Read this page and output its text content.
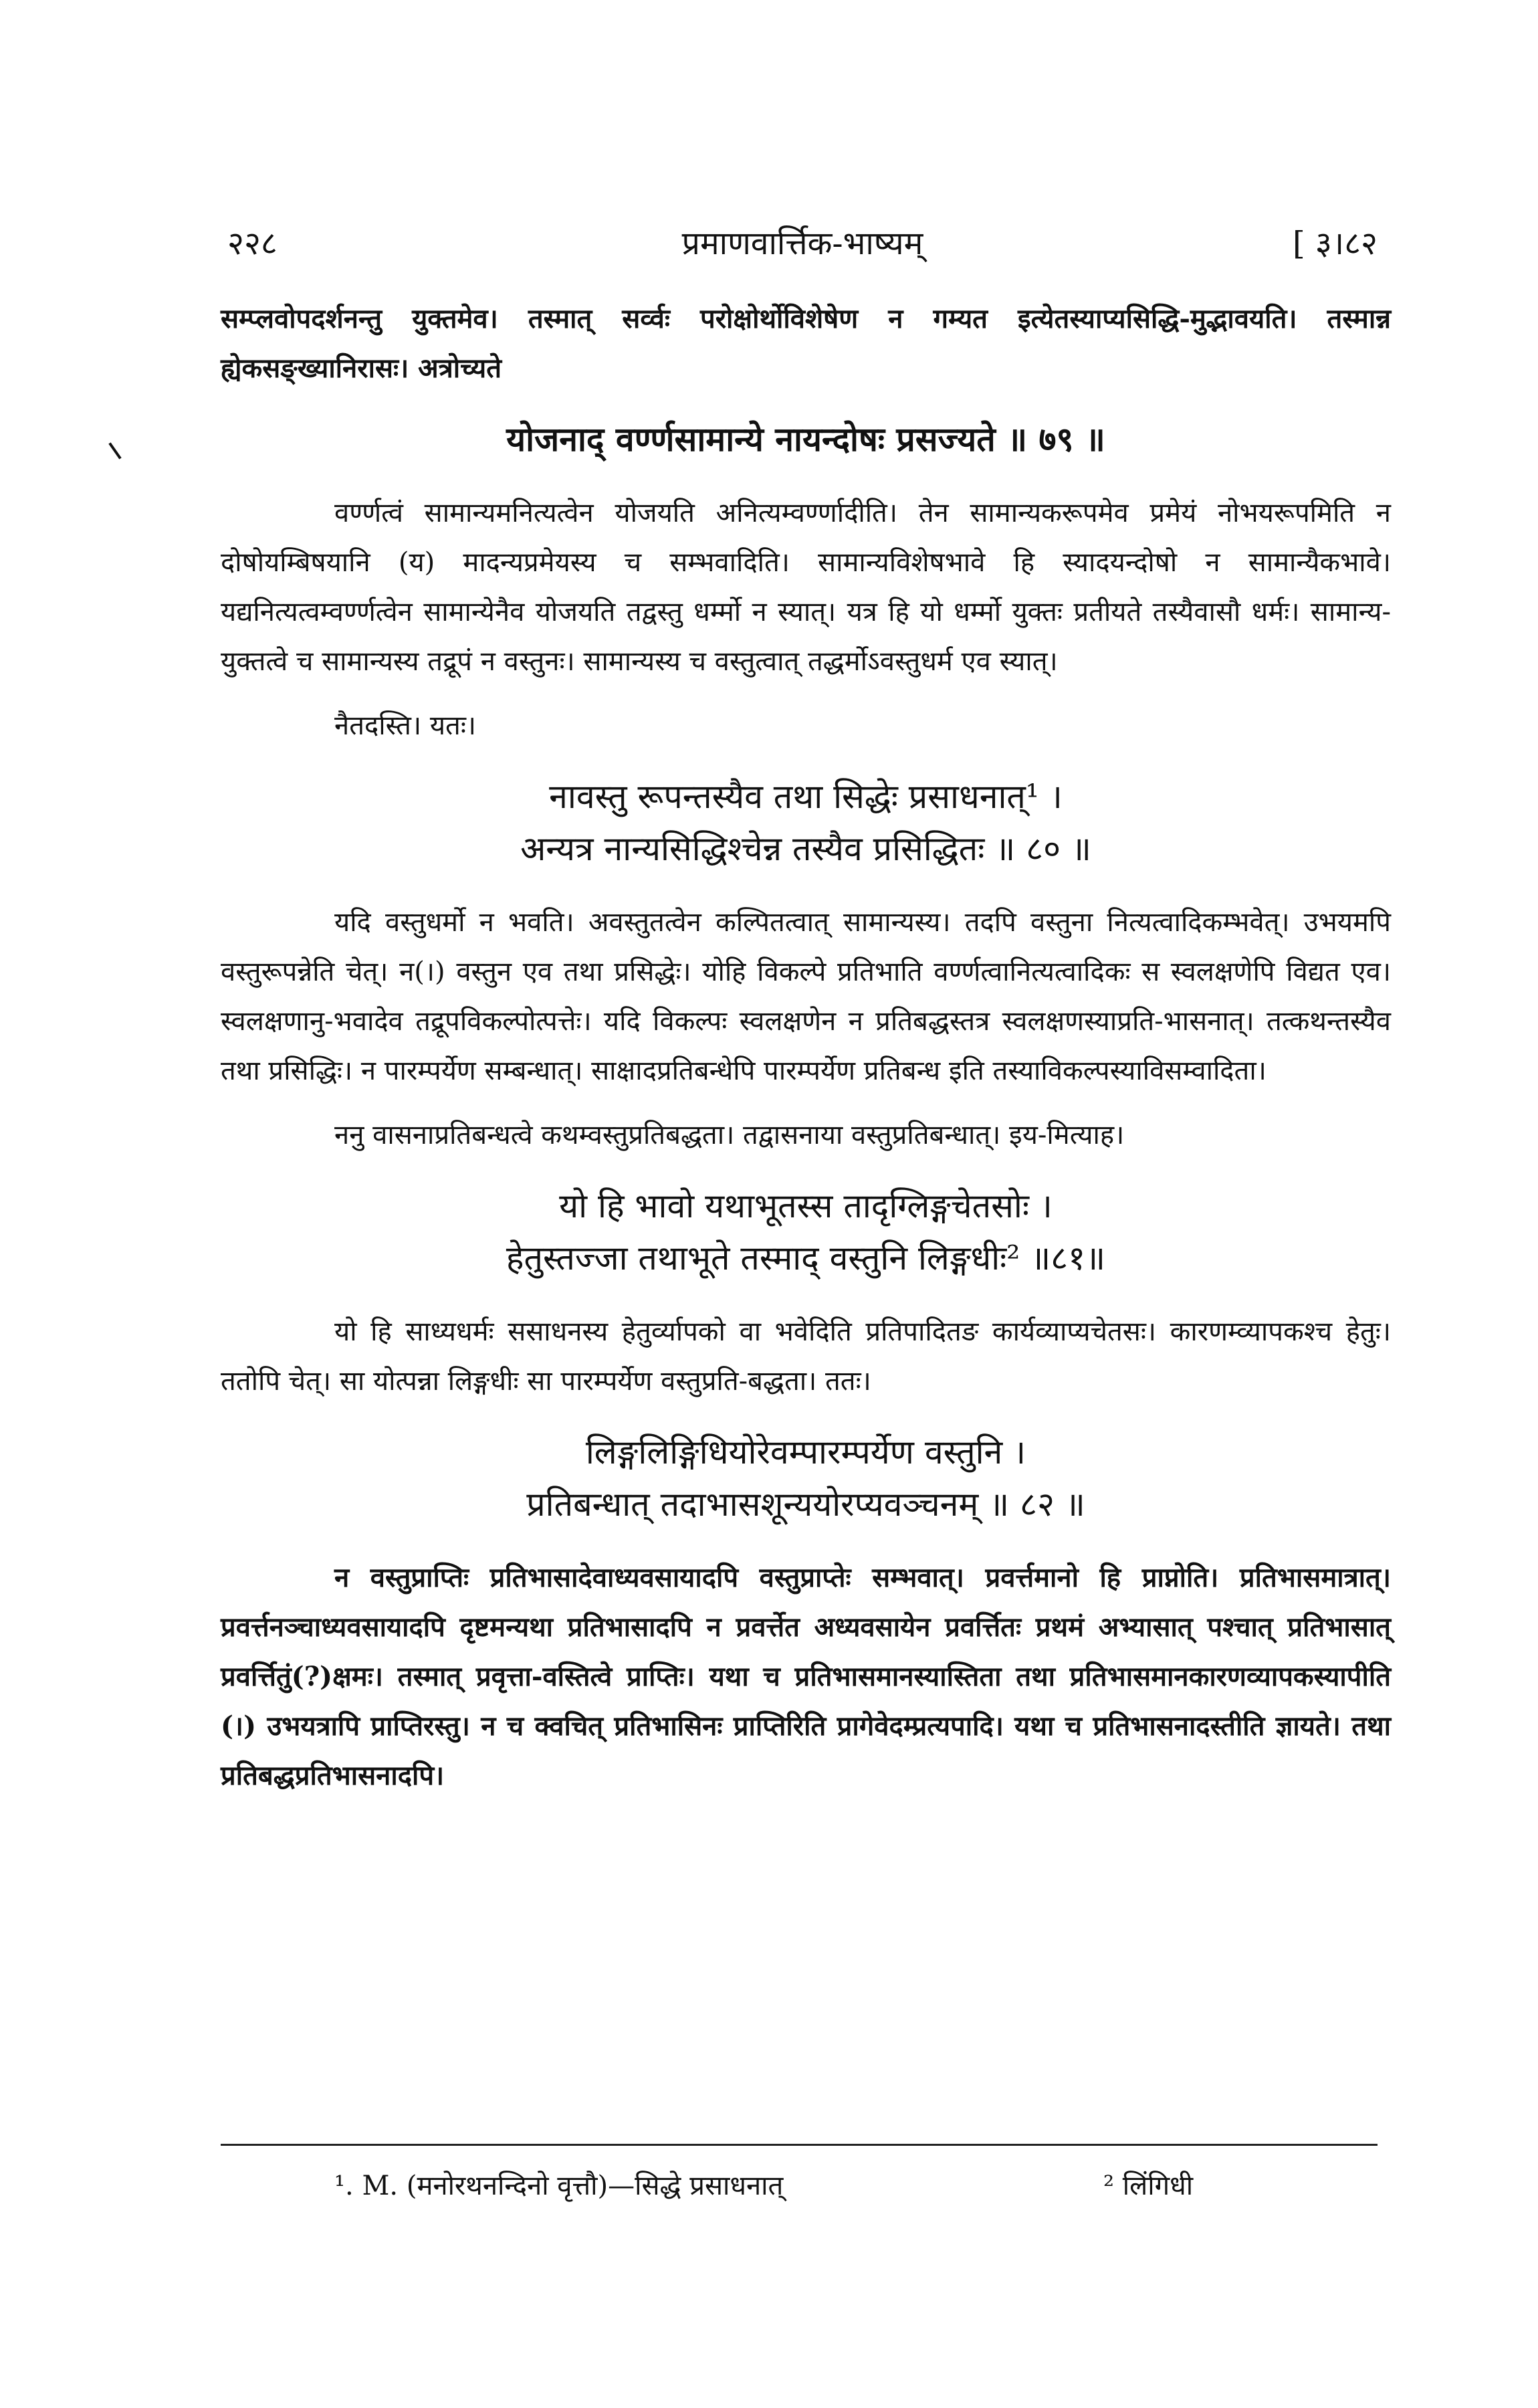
२२८	प्रमाणवार्त्तिक-भाष्यम्	[ ३।८२

सम्प्लवोपदर्शनन्तु युक्तमेव। तस्मात् सर्व्वः परोक्षोर्थोविशेषेण न गम्यत इत्येतस्याप्यसिद्धि-मुद्भावयति। तस्मान्न ह्येकसङ्ख्यानिरासः। अत्रोच्यते

योजनाद् वर्ण्णसामान्ये नायन्दोषः प्रसज्यते ॥ ७९ ॥

वर्ण्णत्वं सामान्यमनित्यत्वेन योजयति अनित्यम्वर्ण्णादीति। तेन सामान्यकरूपमेव प्रमेयं नोभयरूपमिति न दोषोयम्बिषयानि (य) मादन्यप्रमेयस्य च सम्भवादिति। सामान्यविशेषभावे हि स्यादयन्दोषो न सामान्यैकभावे। यद्यनित्यत्वम्वर्ण्णत्वेन सामान्येनैव योजयति तद्वस्तु धर्म्मो न स्यात्। यत्र हि यो धर्म्मो युक्तः प्रतीयते तस्यैवासौ धर्मः। सामान्य-युक्तत्वे च सामान्यस्य तद्रूपं न वस्तुनः। सामान्यस्य च वस्तुत्वात् तद्धर्मोऽवस्तुधर्म एव स्यात्।

नैतदस्ति। यतः।

नावस्तु रूपन्तस्यैव तथा सिद्धेः प्रसाधनात्¹ ।
अन्यत्र नान्यसिद्धिश्चेन्न तस्यैव प्रसिद्धितः ॥ ८० ॥

यदि वस्तुधर्मो न भवति। अवस्तुतत्वेन कल्पितत्वात् सामान्यस्य। तदपि वस्तुना नित्यत्वादिकम्भवेत्। उभयमपि वस्तुरूपन्नेति चेत्। न(।) वस्तुन एव तथा प्रसिद्धेः। योहि विकल्पे प्रतिभाति वर्ण्णत्वानित्यत्वादिकः स स्वलक्षणेपि विद्यत एव। स्वलक्षणानु-भवादेव तद्रूपविकल्पोत्पत्तेः। यदि विकल्पः स्वलक्षणेन न प्रतिबद्धस्तत्र स्वलक्षणस्याप्रति-भासनात्। तत्कथन्तस्यैव तथा प्रसिद्धिः। न पारम्पर्येण सम्बन्धात्। साक्षादप्रतिबन्धेपि पारम्पर्येण प्रतिबन्ध इति तस्याविकल्पस्याविसम्वादिता।

ननु वासनाप्रतिबन्धत्वे कथम्वस्तुप्रतिबद्धता। तद्वासनाया वस्तुप्रतिबन्धात्। इय-मित्याह।

यो हि भावो यथाभूतस्स तादृग्लिङ्गचेतसोः ।
हेतुस्तज्जा तथाभूते तस्माद् वस्तुनि लिङ्गधीः² ॥८१॥

यो हि साध्यधर्मः ससाधनस्य हेतुर्व्यापको वा भवेदिति प्रतिपादितङ कार्यव्याप्यचेतसः। कारणम्व्यापकश्च हेतुः। ततोपि चेत्। सा योत्पन्ना लिङ्गधीः सा पारम्पर्येण वस्तुप्रति-बद्धता। ततः।

लिङ्गलिङ्गिधियोरेवम्पारम्पर्येण वस्तुनि ।
प्रतिबन्धात् तदाभासशून्ययोरप्यवञ्चनम् ॥ ८२ ॥

न वस्तुप्राप्तिः प्रतिभासादेवाध्यवसायादपि वस्तुप्राप्तेः सम्भवात्। प्रवर्त्तमानो हि प्राप्नोति। प्रतिभासमात्रात्। प्रवर्त्तनञ्चाध्यवसायादपि दृष्टमन्यथा प्रतिभासादपि न प्रवर्त्तेत अध्यवसायेन प्रवर्त्तितः प्रथमं अभ्यासात् पश्चात् प्रतिभासात् प्रवर्त्तितुं(?)क्षमः। तस्मात् प्रवृत्ता-वस्तित्वे प्राप्तिः। यथा च प्रतिभासमानस्यास्तिता तथा प्रतिभासमानकारणव्यापकस्यापीति (।) उभयत्रापि प्राप्तिरस्तु। न च क्वचित् प्रतिभासिनः प्राप्तिरिति प्रागेवेदम्प्रत्यपादि। यथा च प्रतिभासनादस्तीति ज्ञायते। तथा प्रतिबद्धप्रतिभासनादपि।

¹. M. (मनोरथनन्दिनो वृत्तौ)—सिद्धे प्रसाधनात्	² लिंगिधी
